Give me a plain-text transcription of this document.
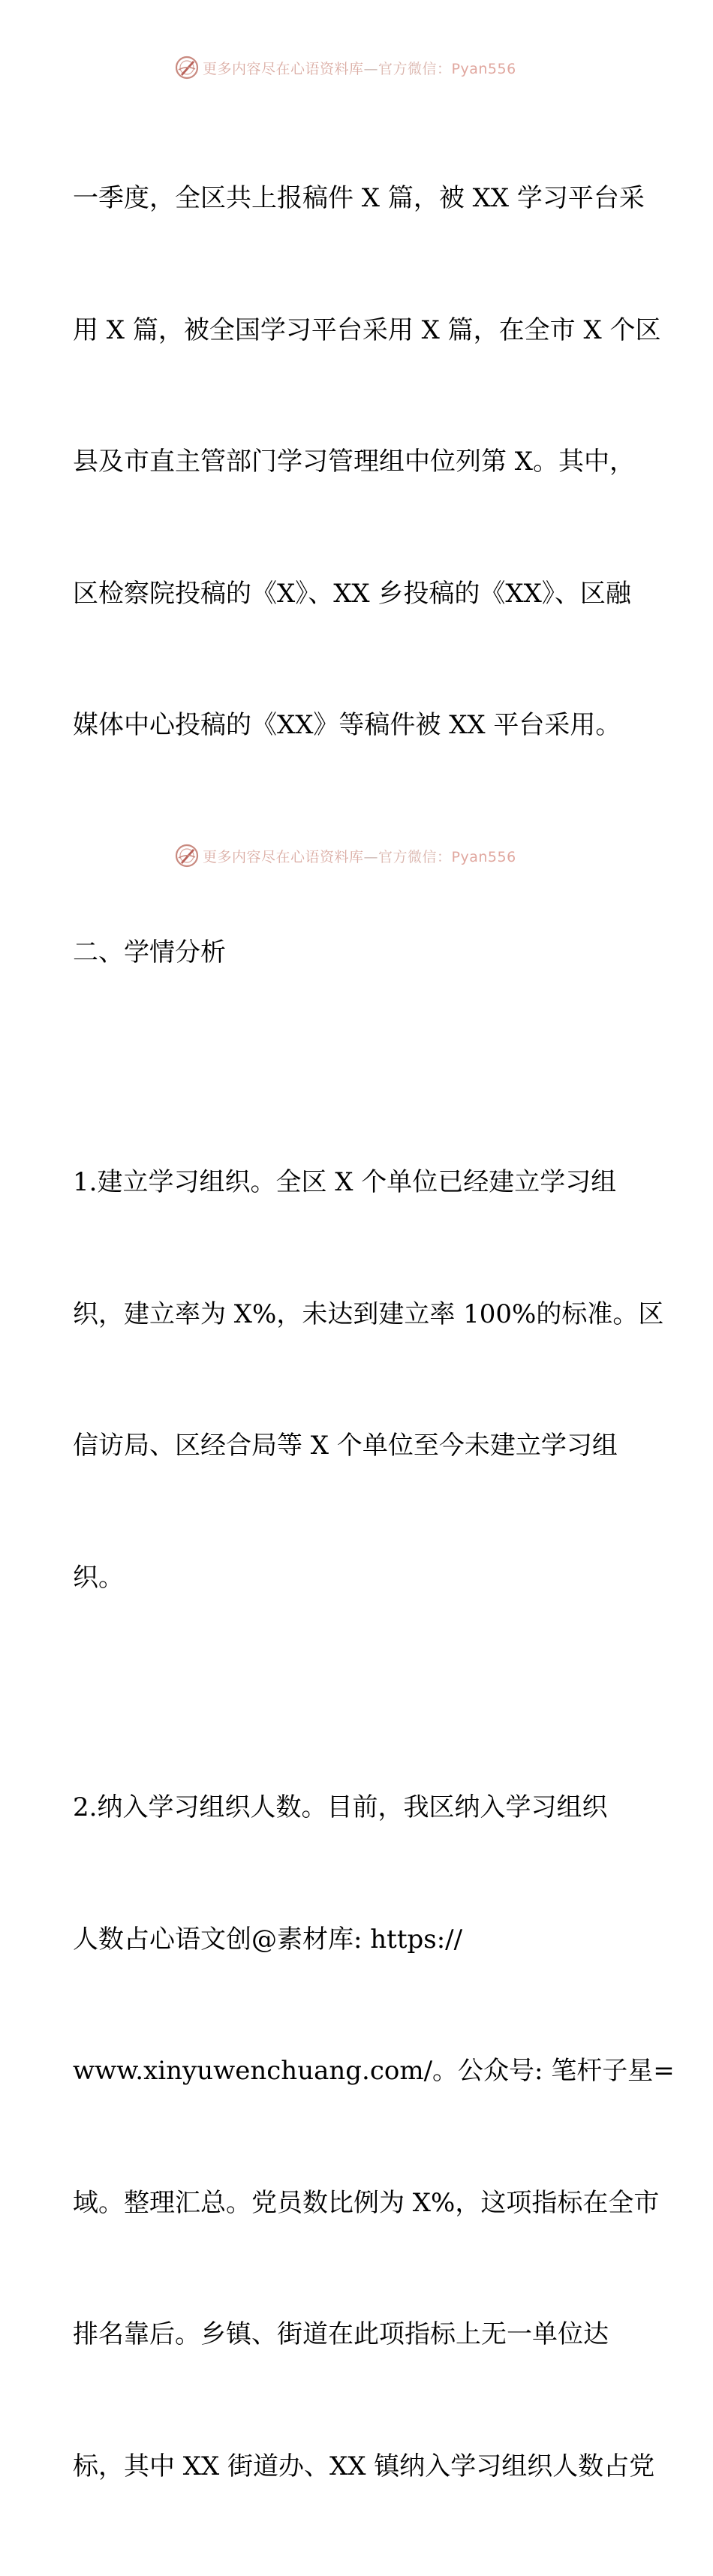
更多内容尽在心语资料库—官方微信：Pyan556

一季度，全区共上报稿件 X 篇，被 XX 学习平台采

用 X 篇，被全国学习平台采用 X 篇，在全市 X 个区

县及市直主管部门学习管理组中位列第 X。其中，

区检察院投稿的《X》、XX 乡投稿的《XX》、区融

媒体中心投稿的《XX》等稿件被 XX 平台采用。

二、学情分析

1.建立学习组织。全区 X 个单位已经建立学习组

织，建立率为 X%，未达到建立率 100%的标准。区

信访局、区经合局等 X 个单位至今未建立学习组

织。

2.纳入学习组织人数。目前，我区纳入学习组织

人数占心语文创@素材库: https://

www.xinyuwenchuang.com/。公众号: 笔杆子星=

域。整理汇总。党员数比例为 X%，这项指标在全市

排名靠后。乡镇、街道在此项指标上无一单位达

标，其中 XX 街道办、XX 镇纳入学习组织人数占党

更多内容尽在心语资料库—官方微信：Pyan556
